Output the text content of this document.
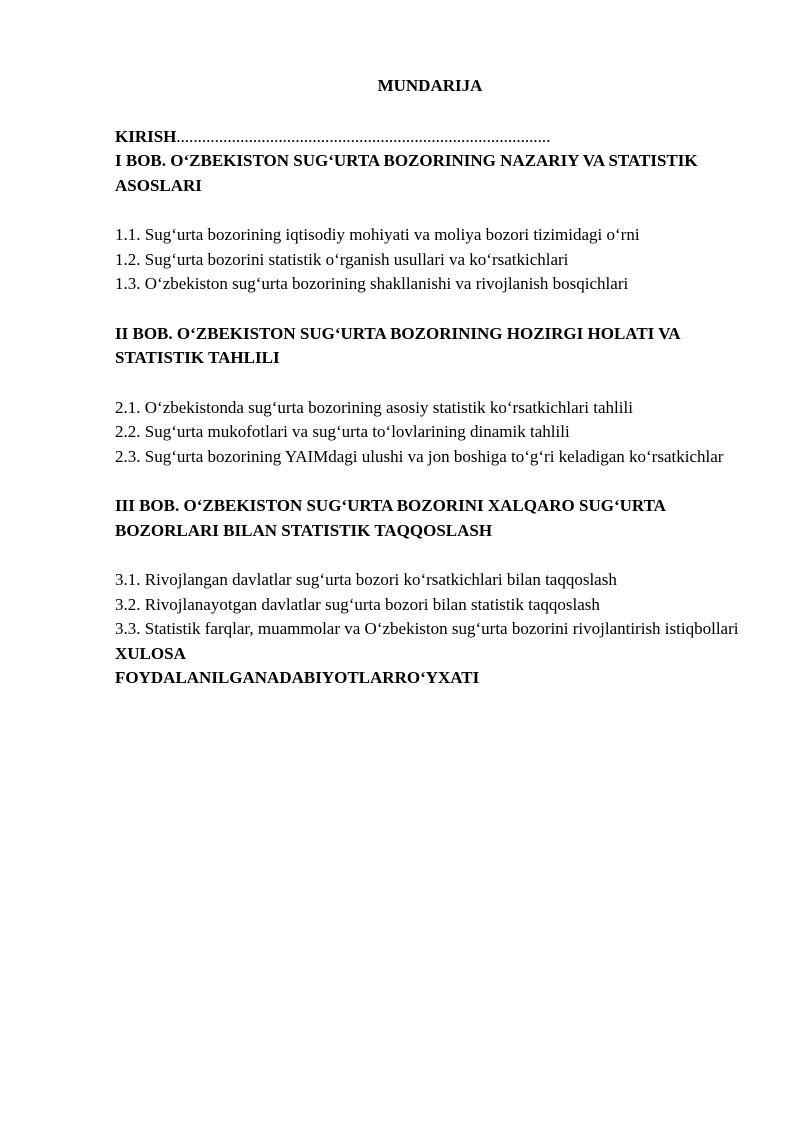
MUNDARIJA
KIRISH........................................................................................
I BOB. O‘ZBEKISTON SUG‘URTA BOZORINING NAZARIY VA STATISTIK ASOSLARI
1.1. Sug‘urta bozorining iqtisodiy mohiyati va moliya bozori tizimidagi o‘rni
1.2. Sug‘urta bozorini statistik o‘rganish usullari va ko‘rsatkichlari
1.3. O‘zbekiston sug‘urta bozorining shakllanishi va rivojlanish bosqichlari
II BOB. O‘ZBEKISTON SUG‘URTA BOZORINING HOZIRGI HOLATI VA STATISTIK TAHLILI
2.1. O‘zbekistonda sug‘urta bozorining asosiy statistik ko‘rsatkichlari tahlili
2.2. Sug‘urta mukofotlari va sug‘urta to‘lovlarining dinamik tahlili
2.3. Sug‘urta bozorining YAIMdagi ulushi va jon boshiga to‘g‘ri keladigan ko‘rsatkichlar
III BOB. O‘ZBEKISTON SUG‘URTA BOZORINI XALQARO SUG‘URTA BOZORLARI BILAN STATISTIK TAQQOSLASH
3.1. Rivojlangan davlatlar sug‘urta bozori ko‘rsatkichlari bilan taqqoslash
3.2. Rivojlanayotgan davlatlar sug‘urta bozori bilan statistik taqqoslash
3.3. Statistik farqlar, muammolar va O‘zbekiston sug‘urta bozorini rivojlantirish istiqbollari
XULOSA
FOYDALANILGANADABIYOTLARRO‘YXATI
